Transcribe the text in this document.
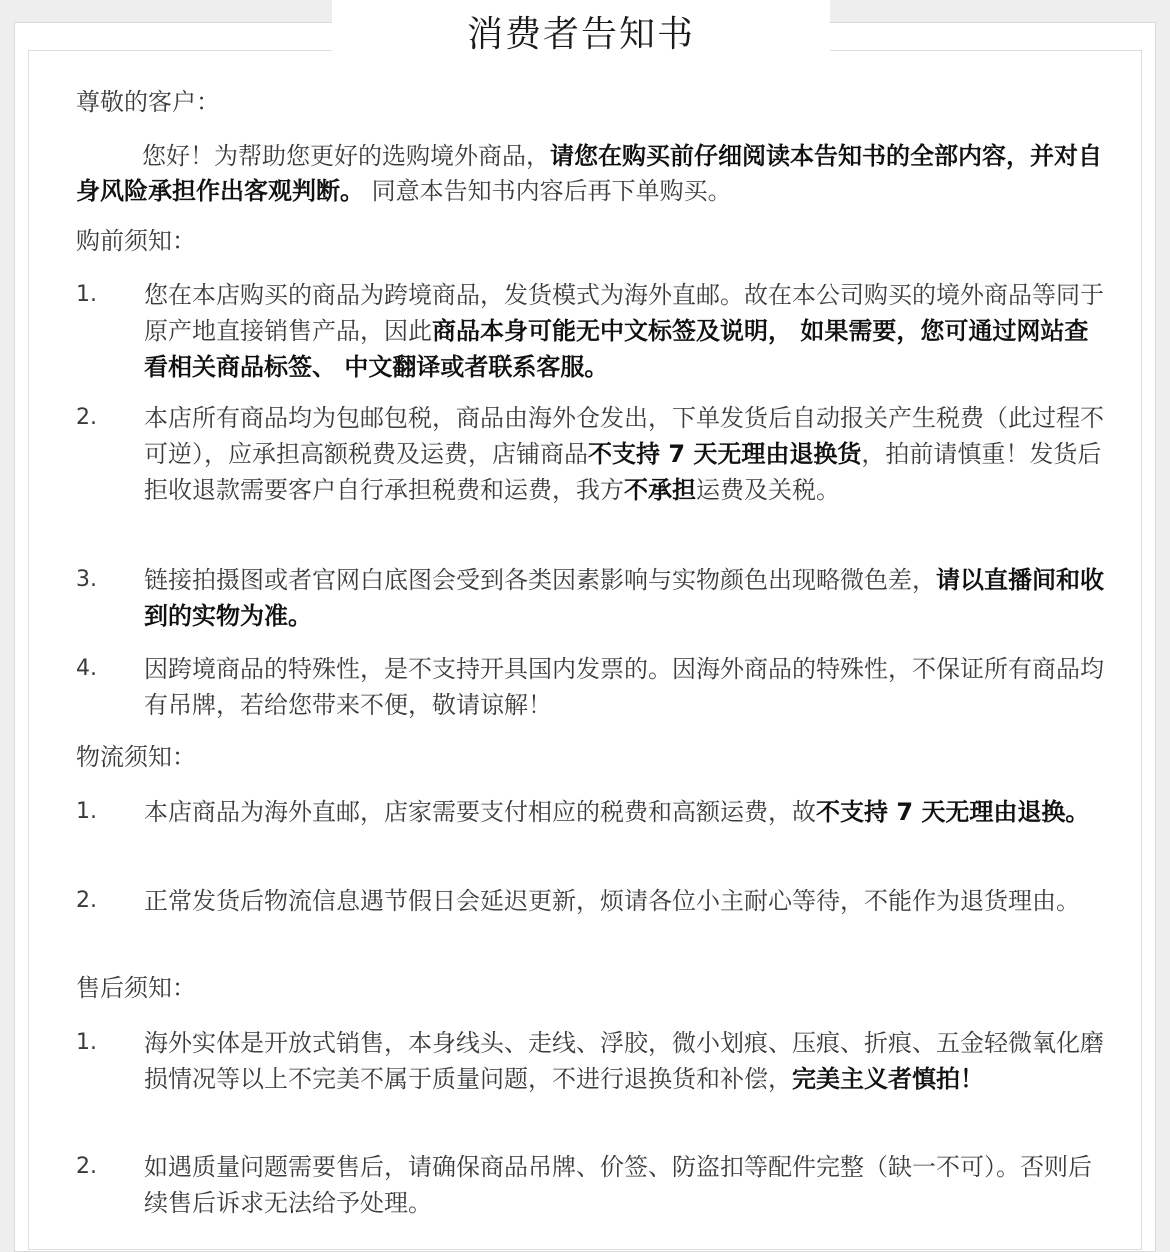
消费者告知书
尊敬的客户：
您好！为帮助您更好的选购境外商品，请您在购买前仔细阅读本告知书的全部内容，并对自身风险承担作出客观判断。 同意本告知书内容后再下单购买。
购前须知：
1. 您在本店购买的商品为跨境商品，发货模式为海外直邮。故在本公司购买的境外商品等同于原产地直接销售产品，因此商品本身可能无中文标签及说明， 如果需要，您可通过网站查看相关商品标签、 中文翻译或者联系客服。
2. 本店所有商品均为包邮包税，商品由海外仓发出，下单发货后自动报关产生税费（此过程不可逆），应承担高额税费及运费，店铺商品不支持 7 天无理由退换货，拍前请慎重！发货后拒收退款需要客户自行承担税费和运费，我方不承担运费及关税。
3. 链接拍摄图或者官网白底图会受到各类因素影响与实物颜色出现略微色差，请以直播间和收到的实物为准。
4. 因跨境商品的特殊性，是不支持开具国内发票的。因海外商品的特殊性，不保证所有商品均有吊牌，若给您带来不便，敬请谅解！
物流须知：
1. 本店商品为海外直邮，店家需要支付相应的税费和高额运费，故不支持 7 天无理由退换。
2. 正常发货后物流信息遇节假日会延迟更新，烦请各位小主耐心等待，不能作为退货理由。
售后须知：
1. 海外实体是开放式销售，本身线头、走线、浮胶，微小划痕、压痕、折痕、五金轻微氧化磨损情况等以上不完美不属于质量问题，不进行退换货和补偿，完美主义者慎拍！
2. 如遇质量问题需要售后，请确保商品吊牌、价签、防盗扣等配件完整（缺一不可）。否则后续售后诉求无法给予处理。
